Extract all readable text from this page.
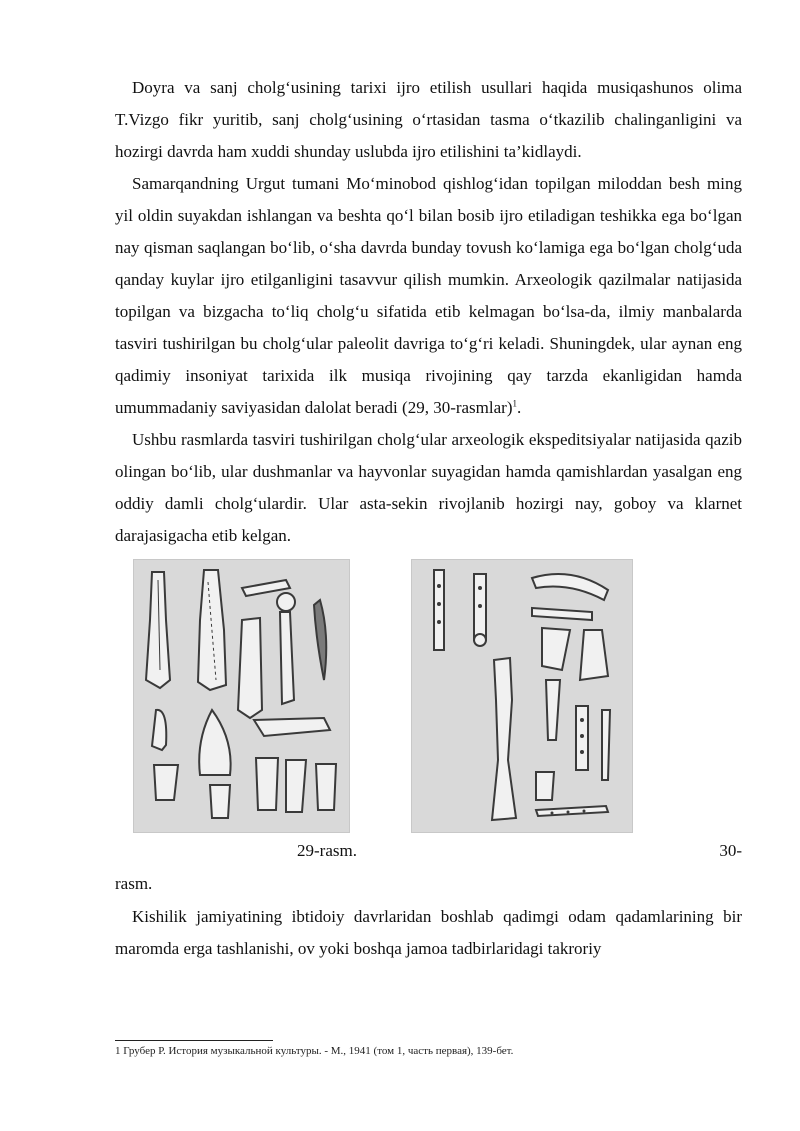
Doyra va sanj cholg‘usining tarixi ijro etilish usullari haqida musiqashunos olima T.Vizgo fikr yuritib, sanj cholg‘usining o‘rtasidan tasma o‘tkazilib chalinganligini va hozirgi davrda ham xuddi shunday uslubda ijro etilishini ta’kidlaydi.

Samarqandning Urgut tumani Mo‘minobod qishlog‘idan topilgan miloddan besh ming yil oldin suyakdan ishlangan va beshta qo‘l bilan bosib ijro etiladigan teshikka ega bo‘lgan nay qisman saqlangan bo‘lib, o‘sha davrda bunday tovush ko‘lamiga ega bo‘lgan cholg‘uda qanday kuylar ijro etilganligini tasavvur qilish mumkin. Arxeologik qazilmalar natijasida topilgan va bizgacha to‘liq cholg‘u sifatida etib kelmagan bo‘lsa-da, ilmiy manbalarda tasviri tushirilgan bu cholg‘ular paleolit davriga to‘g‘ri keladi. Shuningdek, ular aynan eng qadimiy insoniyat tarixida ilk musiqa rivojining qay tarzda ekanligidan hamda umummadaniy saviyasidan dalolat beradi (29, 30-rasmlar)$^1$.

Ushbu rasmlarda tasviri tushirilgan cholg‘ular arxeologik ekspeditsiyalar natijasida qazib olingan bo‘lib, ular dushmanlar va hayvonlar suyagidan hamda qamishlardan yasalgan eng oddiy damli cholg‘ulardir. Ular asta-sekin rivojlanib hozirgi nay, goboy va klarnet darajasigacha etib kelgan.

29-rasm.	30-
rasm.

Kishilik jamiyatining ibtidoiy davrlaridan boshlab qadimgi odam qadamlarining bir maromda erga tashlanishi, ov yoki boshqa jamoa tadbirlaridagi takroriy

1 Грубер Р. История музыкальной культуры. - М., 1941 (том 1, часть первая), 139-бет.
